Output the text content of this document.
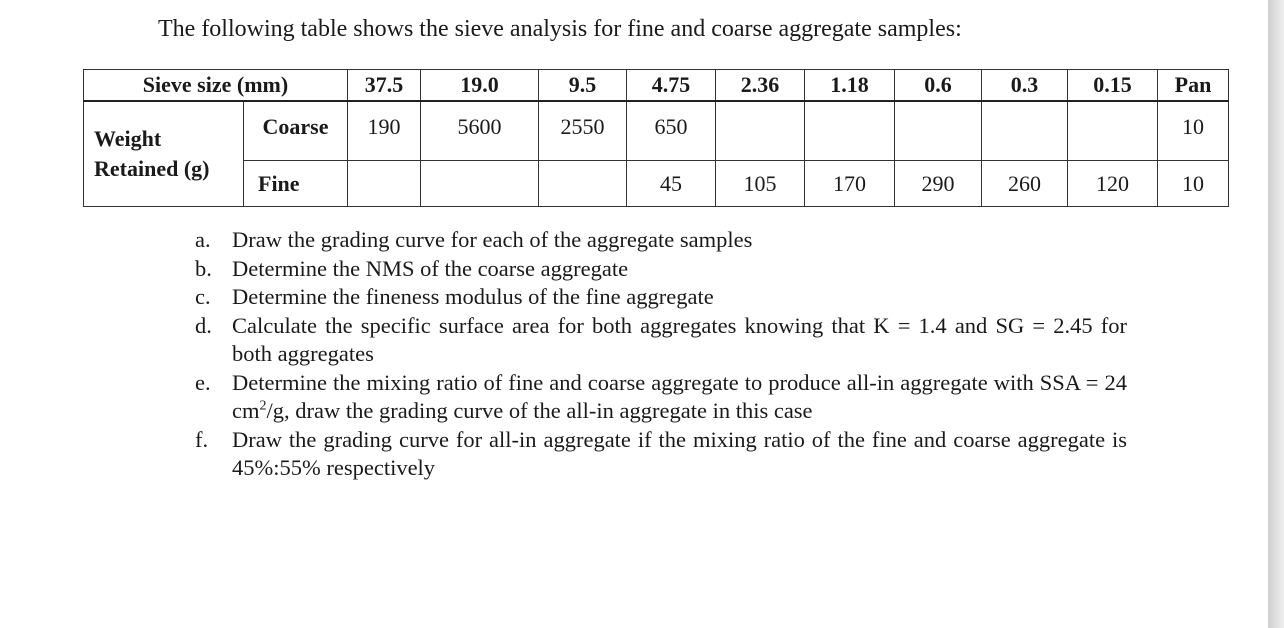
The following table shows the sieve analysis for fine and coarse aggregate samples:

Sieve size (mm)		37.5	19.0	9.5	4.75	2.36	1.18	0.6	0.3	0.15	Pan

Weight
Retained (g)	Coarse	190	5600	2550	650						10
	Fine				45	105	170	290	260	120	10
a. Draw the grading curve for each of the aggregate samples
b. Determine the NMS of the coarse aggregate
c. Determine the fineness modulus of the fine aggregate
d. Calculate the specific surface area for both aggregates knowing that K = 1.4 and SG = 2.45 for both aggregates
e. Determine the mixing ratio of fine and coarse aggregate to produce all-in aggregate with SSA = 24 $cm^2/g$, draw the grading curve of the all-in aggregate in this case
f.	Draw the grading curve for all-in aggregate if the mixing ratio of the fine and coarse aggregate is 45%:55% respectively
